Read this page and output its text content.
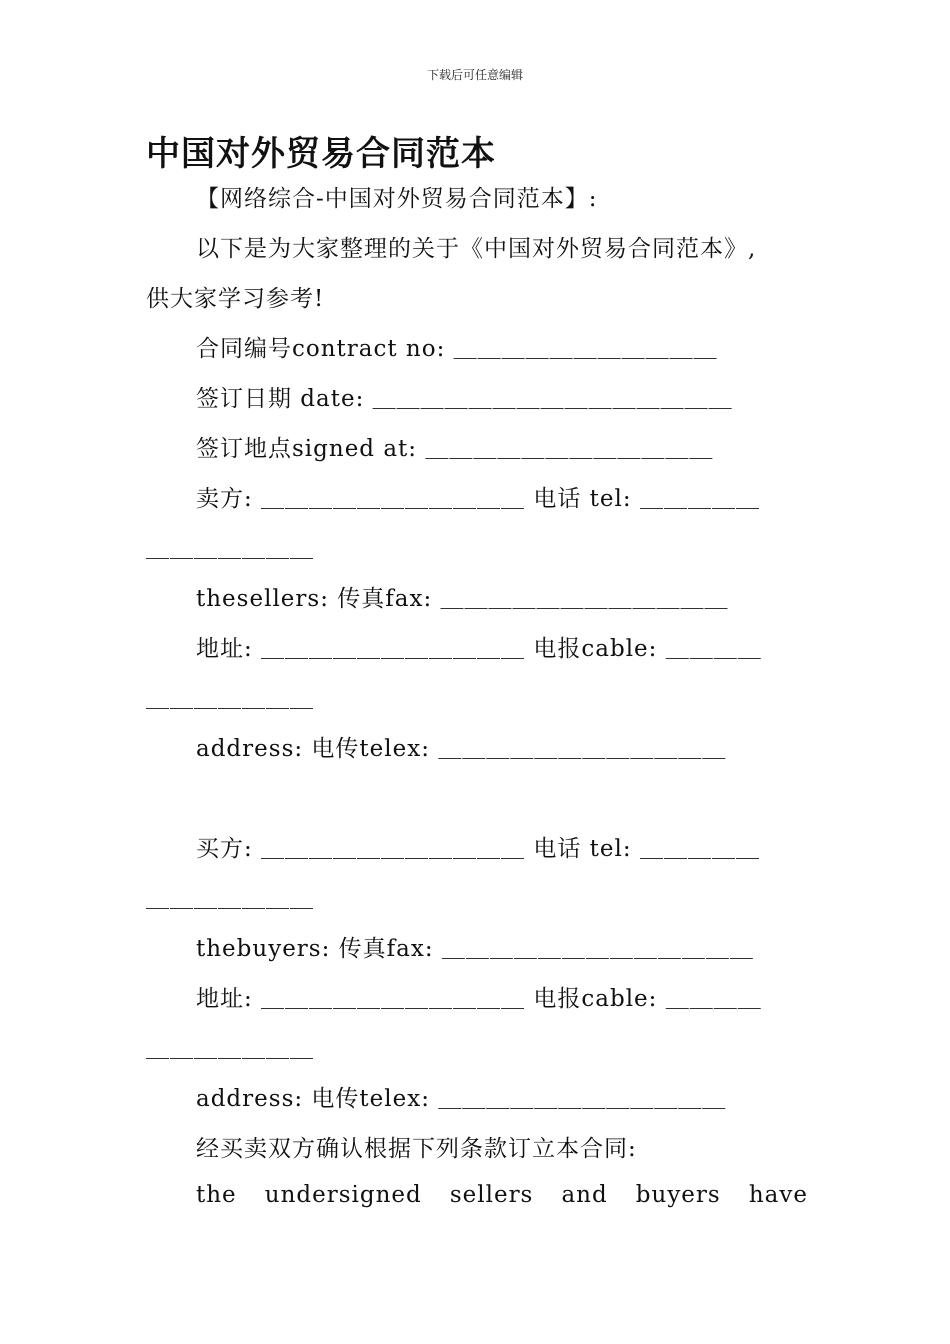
下载后可任意编辑
中国对外贸易合同范本
【网络综合-中国对外贸易合同范本】:
以下是为大家整理的关于《中国对外贸易合同范本》,
供大家学习参考!
合同编号contract no: ＿＿＿＿＿＿＿＿＿＿＿
签订日期 date: ＿＿＿＿＿＿＿＿＿＿＿＿＿＿＿
签订地点signed at: ＿＿＿＿＿＿＿＿＿＿＿＿
卖方: ＿＿＿＿＿＿＿＿＿＿＿ 电话 tel: ＿＿＿＿＿
＿＿＿＿＿＿＿
thesellers: 传真fax: ＿＿＿＿＿＿＿＿＿＿＿＿
地址: ＿＿＿＿＿＿＿＿＿＿＿ 电报cable: ＿＿＿＿
＿＿＿＿＿＿＿
address: 电传telex: ＿＿＿＿＿＿＿＿＿＿＿＿
买方: ＿＿＿＿＿＿＿＿＿＿＿ 电话 tel: ＿＿＿＿＿
＿＿＿＿＿＿＿
thebuyers: 传真fax: ＿＿＿＿＿＿＿＿＿＿＿＿＿
地址: ＿＿＿＿＿＿＿＿＿＿＿ 电报cable: ＿＿＿＿
＿＿＿＿＿＿＿
address: 电传telex: ＿＿＿＿＿＿＿＿＿＿＿＿
经买卖双方确认根据下列条款订立本合同:
the undersigned sellers and buyers have
